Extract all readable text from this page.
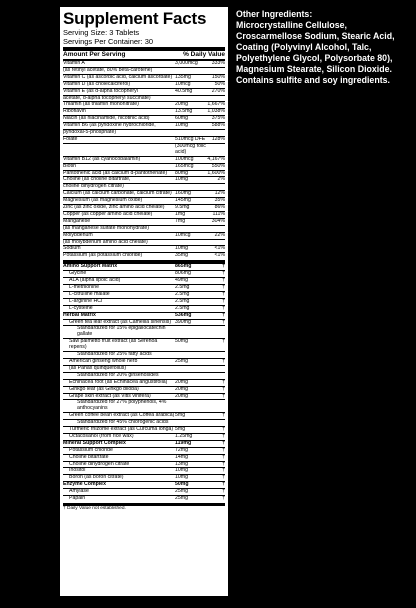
Supplement Facts
Serving Size: 3 Tablets
Servings Per Container: 30
Amount Per Serving	% Daily Value
Vitamin A	3,000mcg	333%
(as retinyl acetate, 80% beta-carotene)
Vitamin C (as ascorbic acid, calcium ascorbate) 135mg	150%
Vitamin D (as cholecalciferol)	10mcg	50%
Vitamin E (as d-alpha tocopheryl	40.5mg	270%
acetate, d-alpha tocopheryl succinate)
Thiamin (as thiamin mononitrate)	20mg	1,667%
Riboflavin	13.5mg	1,038%
Niacin (as niacinamide, nicotinic acid)	60mg	375%
Vitamin B6 (as pyridoxine hydrochloride,	10mg	588%
pyridoxal-5-phosphate)
Folate	510mcg DFE	128%
(300mcg folic acid)
Vitamin B12 (as cyanocobalamin)	100mcg	4,167%
Biotin	165mcg	550%
Pantothenic acid (as calcium d-pantothenate)	80mg	1,600%
Choline (as choline bitartrate,	10mg	2%
choline dihydrogen citrate)
Calcium (as calcium carbonate, calcium citrate) 160mg	12%
Magnesium (as magnesium oxide)	145mg	35%
Zinc (as zinc oxide, zinc amino acid chelate)	9.5mg	86%
Copper (as copper amino acid chelate)	1mg	111%
Manganese	7mg	304%
(as manganese sulfate monohydrate)
Molybdenum	10mcg	22%
(as molybdenum amino acid chelate)
Sodium	10mg	<1%
Potassium (as potassium chloride)	35mg	<1%
Amino Support Matrix	865mg	†
Glycine	806mg	†
ALA (alpha lipoic acid)	49mg	†
L-methionine	2.5mg	†
L-citrulline malate	2.5mg	†
L-arginine HCl	2.5mg	†
L-cysteine	2.5mg	†
Herbal Matrix	536mg	†
Green tea leaf extract (as Camellia sinensis) 390mg	†
Standardized for 15% epigallocatechin gallate
Saw palmetto fruit extract (as Serenoa repens)
50mg	†
Standardized for 25% fatty acids
American ginseng whole herb	25mg	†
(as Panax quinquefolius)
Standardized for 20% ginsenosides
Echinacea root (as Echinacea angustifolia)	20mg	†
Ginkgo leaf (as Ginkgo biloba)	20mg	†
Grape skin extract (as Vitis vinifera)	20mg	†
Standardized for 27% polyphenols, 4% anthocyanins
Green coffee bean extract (as Coffea arabica) 5mg	†
Standardized for 45% chlorogenic acids
Turmeric rhizome extract (as Curcuma longa) 5mg	†
Octacosanol (from rice wax)	1.25mg	†
Mineral Support Complex	119mg	†
Potassium chloride	72mg	†
Choline bitartrate	14mg	†
Choline dihydrogen citrate	13mg	†
Inositol	10mg	†
Boron (as boron citrate)	10mg	†
Enzyme Complex	50mg	†
Amylase	25mg	†
Papain	25mg	†
† Daily Value not established.
Other Ingredients:
Microcrystalline Cellulose, Croscarmellose Sodium, Stearic Acid, Coating (Polyvinyl Alcohol, Talc, Polyethylene Glycol, Polysorbate 80), Magnesium Stearate, Silicon Dioxide. Contains sulfite and soy ingredients.
